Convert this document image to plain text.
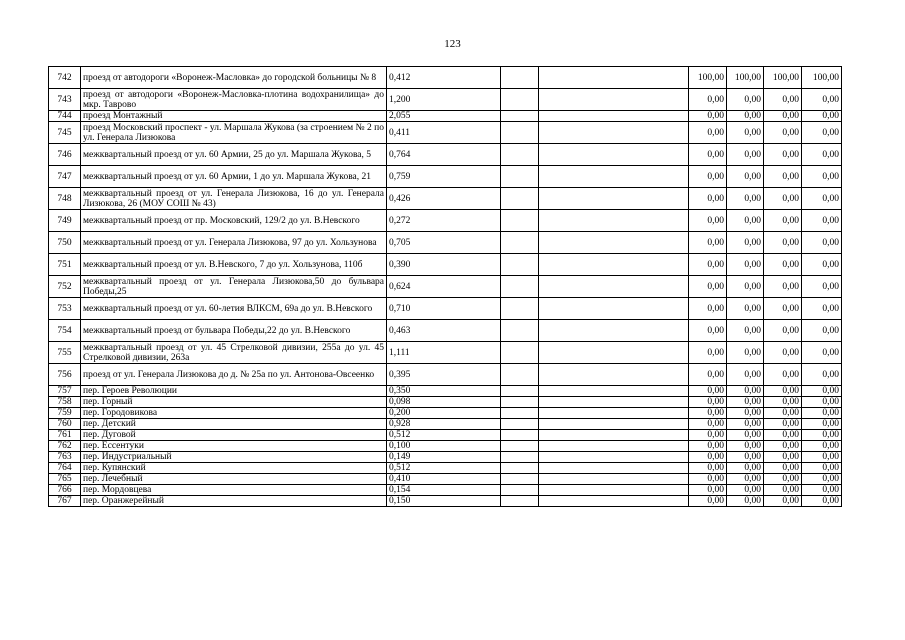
123
742	проезд от автодороги «Воронеж-Масловка» до городской больницы № 8	0,412			100,00	100,00	100,00	100,00
743	проезд от автодороги «Воронеж-Масловка-плотина водохранилища» до мкр. Таврово	1,200			0,00	0,00	0,00	0,00
744	проезд Монтажный	2,055			0,00	0,00	0,00	0,00
745	проезд Московский проспект - ул. Маршала Жукова (за строением № 2 по ул. Генерала Лизюкова	0,411			0,00	0,00	0,00	0,00
746	межквартальный проезд от ул. 60 Армии, 25 до ул. Маршала Жукова, 5	0,764			0,00	0,00	0,00	0,00
747	межквартальный проезд от ул. 60 Армии, 1 до ул. Маршала Жукова, 21	0,759			0,00	0,00	0,00	0,00
748	межквартальный проезд от ул. Генерала Лизюкова, 16 до ул. Генерала Лизюкова, 26 (МОУ СОШ № 43)	0,426			0,00	0,00	0,00	0,00
749	межквартальный проезд от пр. Московский, 129/2 до ул. В.Невского	0,272			0,00	0,00	0,00	0,00
750	межквартальный проезд от ул. Генерала Лизюкова, 97 до ул. Хользунова	0,705			0,00	0,00	0,00	0,00
751	межквартальный проезд от ул. В.Невского, 7 до ул. Хользунова, 110б	0,390			0,00	0,00	0,00	0,00
752	межквартальный проезд от ул. Генерала Лизюкова,50 до бульвара Победы,25	0,624			0,00	0,00	0,00	0,00
753	межквартальный проезд от ул. 60-летия ВЛКСМ, 69а до ул. В.Невского	0,710			0,00	0,00	0,00	0,00
754	межквартальный проезд от бульвара Победы,22 до ул. В.Невского	0,463			0,00	0,00	0,00	0,00
755	межквартальный проезд от ул. 45 Стрелковой дивизии, 255а до ул. 45 Стрелковой дивизии, 263а	1,111			0,00	0,00	0,00	0,00
756	проезд от ул. Генерала Лизюкова до д. № 25а по ул. Антонова-Овсеенко	0,395			0,00	0,00	0,00	0,00
757	пер. Героев Революции	0,350			0,00	0,00	0,00	0,00
758	пер. Горный	0,098			0,00	0,00	0,00	0,00
759	пер. Городовикова	0,200			0,00	0,00	0,00	0,00
760	пер. Детский	0,928			0,00	0,00	0,00	0,00
761	пер. Дуговой	0,512			0,00	0,00	0,00	0,00
762	пер. Ессентуки	0,100			0,00	0,00	0,00	0,00
763	пер. Индустриальный	0,149			0,00	0,00	0,00	0,00
764	пер. Купянский	0,512			0,00	0,00	0,00	0,00
765	пер. Лечебный	0,410			0,00	0,00	0,00	0,00
766	пер. Мордовцева	0,154			0,00	0,00	0,00	0,00
767	пер. Оранжерейный	0,150			0,00	0,00	0,00	0,00
